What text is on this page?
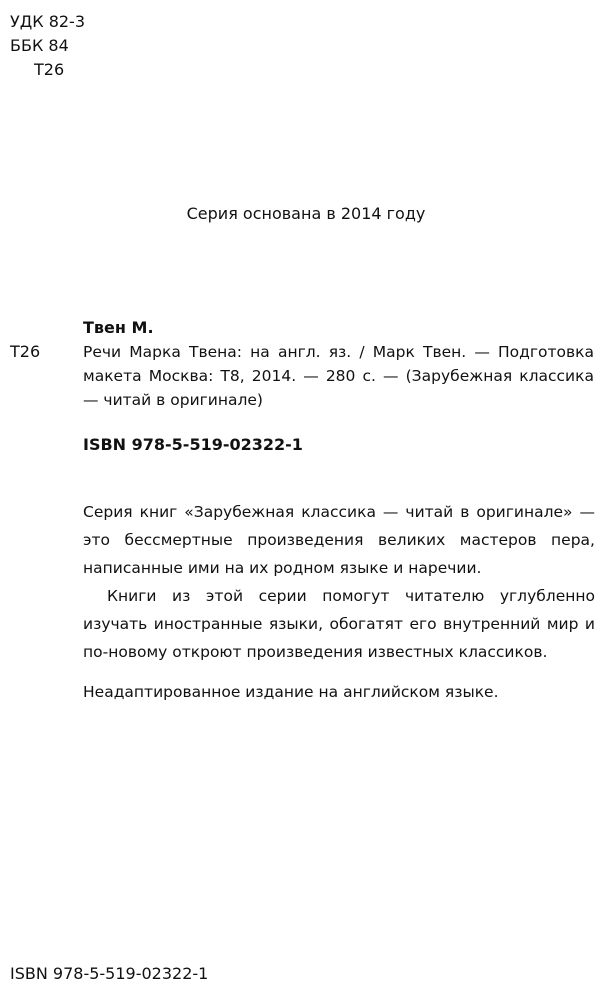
УДК 82-3

ББК 84

Т26

Серия основана в 2014 году

Твен М.

Т26	Речи Марка Твена: на англ. яз. / Марк Твен. — Подготовка макета Москва: Т8, 2014. — 280 с. — (Зарубежная классика — читай в оригинале)

ISBN 978-5-519-02322-1

Серия книг «Зарубежная классика — читай в оригинале» — это бессмертные произведения великих мастеров пера, написанные ими на их родном языке и наречии.

Книги из этой серии помогут читателю углубленно изучать иностранные языки, обогатят его внутренний мир и по-новому откроют произведения известных классиков.

Неадаптированное издание на английском языке.

ISBN 978-5-519-02322-1
